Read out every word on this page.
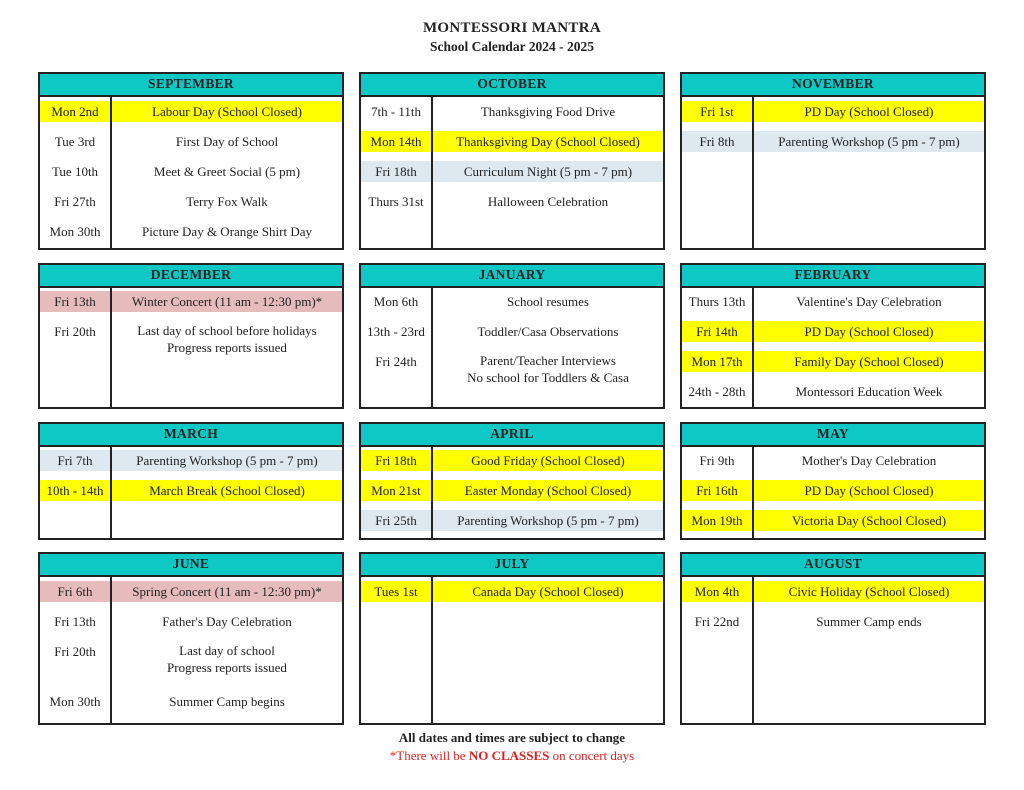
MONTESSORI MANTRA
School Calendar 2024 - 2025
SEPTEMBER
Mon 2nd	Labour Day (School Closed)
Tue 3rd	First Day of School
Tue 10th	Meet & Greet Social (5 pm)
Fri 27th	Terry Fox Walk
Mon 30th	Picture Day & Orange Shirt Day
OCTOBER
7th - 11th	Thanksgiving Food Drive
Mon 14th	Thanksgiving Day (School Closed)
Fri 18th	Curriculum Night (5 pm - 7 pm)
Thurs 31st	Halloween Celebration
NOVEMBER
Fri 1st	PD Day (School Closed)
Fri 8th	Parenting Workshop (5 pm - 7 pm)
DECEMBER
Fri 13th	Winter Concert (11 am - 12:30 pm)*
Fri 20th	Last day of school before holidays
Progress reports issued
JANUARY
Mon 6th	School resumes
13th - 23rd	Toddler/Casa Observations
Fri 24th	Parent/Teacher Interviews
No school for Toddlers & Casa
FEBRUARY
Thurs 13th	Valentine's Day Celebration
Fri 14th	PD Day (School Closed)
Mon 17th	Family Day (School Closed)
24th - 28th	Montessori Education Week
MARCH
Fri 7th	Parenting Workshop (5 pm - 7 pm)
10th - 14th	March Break (School Closed)
APRIL
Fri 18th	Good Friday (School Closed)
Mon 21st	Easter Monday (School Closed)
Fri 25th	Parenting Workshop (5 pm - 7 pm)
MAY
Fri 9th	Mother's Day Celebration
Fri 16th	PD Day (School Closed)
Mon 19th	Victoria Day (School Closed)
JUNE
Fri 6th	Spring Concert (11 am - 12:30 pm)*
Fri 13th	Father's Day Celebration
Fri 20th	Last day of school
Progress reports issued
Mon 30th	Summer Camp begins
JULY
Tues 1st	Canada Day (School Closed)
AUGUST
Mon 4th	Civic Holiday (School Closed)
Fri 22nd	Summer Camp ends
All dates and times are subject to change
*There will be NO CLASSES on concert days
